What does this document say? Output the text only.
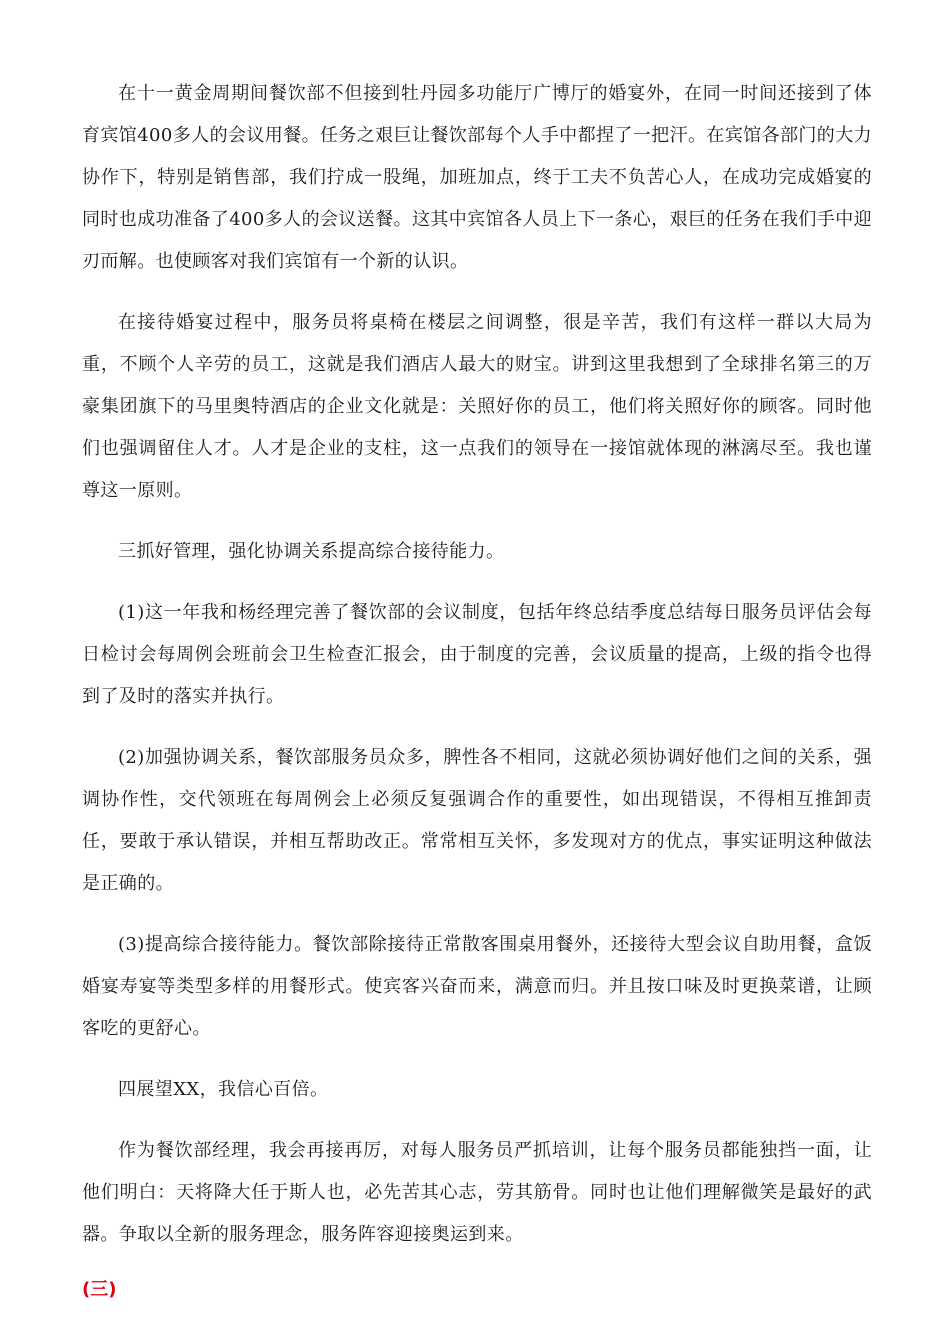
在十一黄金周期间餐饮部不但接到牡丹园多功能厅广博厅的婚宴外，在同一时间还接到了体育宾馆400多人的会议用餐。任务之艰巨让餐饮部每个人手中都捏了一把汗。在宾馆各部门的大力协作下，特别是销售部，我们拧成一股绳，加班加点，终于工夫不负苦心人，在成功完成婚宴的同时也成功准备了400多人的会议送餐。这其中宾馆各人员上下一条心，艰巨的任务在我们手中迎刃而解。也使顾客对我们宾馆有一个新的认识。

在接待婚宴过程中，服务员将桌椅在楼层之间调整，很是辛苦，我们有这样一群以大局为重，不顾个人辛劳的员工，这就是我们酒店人最大的财宝。讲到这里我想到了全球排名第三的万豪集团旗下的马里奥特酒店的企业文化就是：关照好你的员工，他们将关照好你的顾客。同时他们也强调留住人才。人才是企业的支柱，这一点我们的领导在一接馆就体现的淋漓尽至。我也谨尊这一原则。

三抓好管理，强化协调关系提高综合接待能力。

(1)这一年我和杨经理完善了餐饮部的会议制度，包括年终总结季度总结每日服务员评估会每日检讨会每周例会班前会卫生检查汇报会，由于制度的完善，会议质量的提高，上级的指令也得到了及时的落实并执行。

(2)加强协调关系，餐饮部服务员众多，脾性各不相同，这就必须协调好他们之间的关系，强调协作性，交代领班在每周例会上必须反复强调合作的重要性，如出现错误，不得相互推卸责任，要敢于承认错误，并相互帮助改正。常常相互关怀，多发现对方的优点，事实证明这种做法是正确的。

(3)提高综合接待能力。餐饮部除接待正常散客围桌用餐外，还接待大型会议自助用餐，盒饭婚宴寿宴等类型多样的用餐形式。使宾客兴奋而来，满意而归。并且按口味及时更换菜谱，让顾客吃的更舒心。

四展望XX，我信心百倍。

作为餐饮部经理，我会再接再厉，对每人服务员严抓培训，让每个服务员都能独挡一面，让他们明白：天将降大任于斯人也，必先苦其心志，劳其筋骨。同时也让他们理解微笑是最好的武器。争取以全新的服务理念，服务阵容迎接奥运到来。

(三)
